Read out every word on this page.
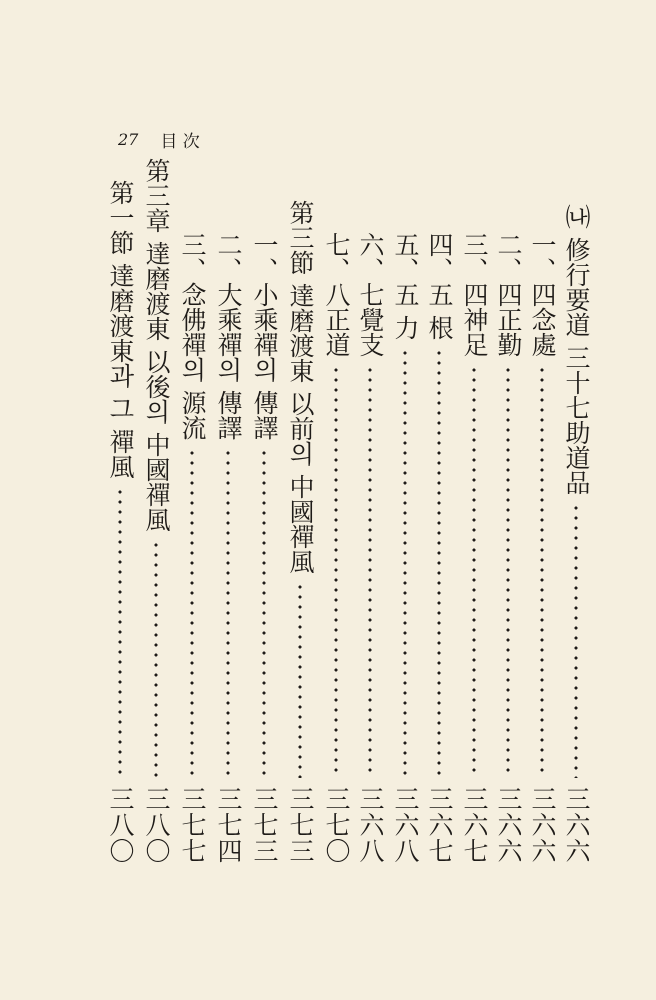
27 目 次
㈏ 修行要道 三十七助道品
三六六
一、四念處
三六六
二、四正勤
三六六
三、四神足
三六七
四、五 根
三六七
五、五 力
三六八
六、七覺支
三六八
七、八正道
三七〇
第三節 達磨渡東 以前의 中國禪風
三七三
一、小乘禪의 傳譯
三七三
二、大乘禪의 傳譯
三七四
三、念佛禪의 源流
三七七
第三章 達磨渡東 以後의 中國禪風
三八〇
第一節 達磨渡東과 그 禪風
三八〇
